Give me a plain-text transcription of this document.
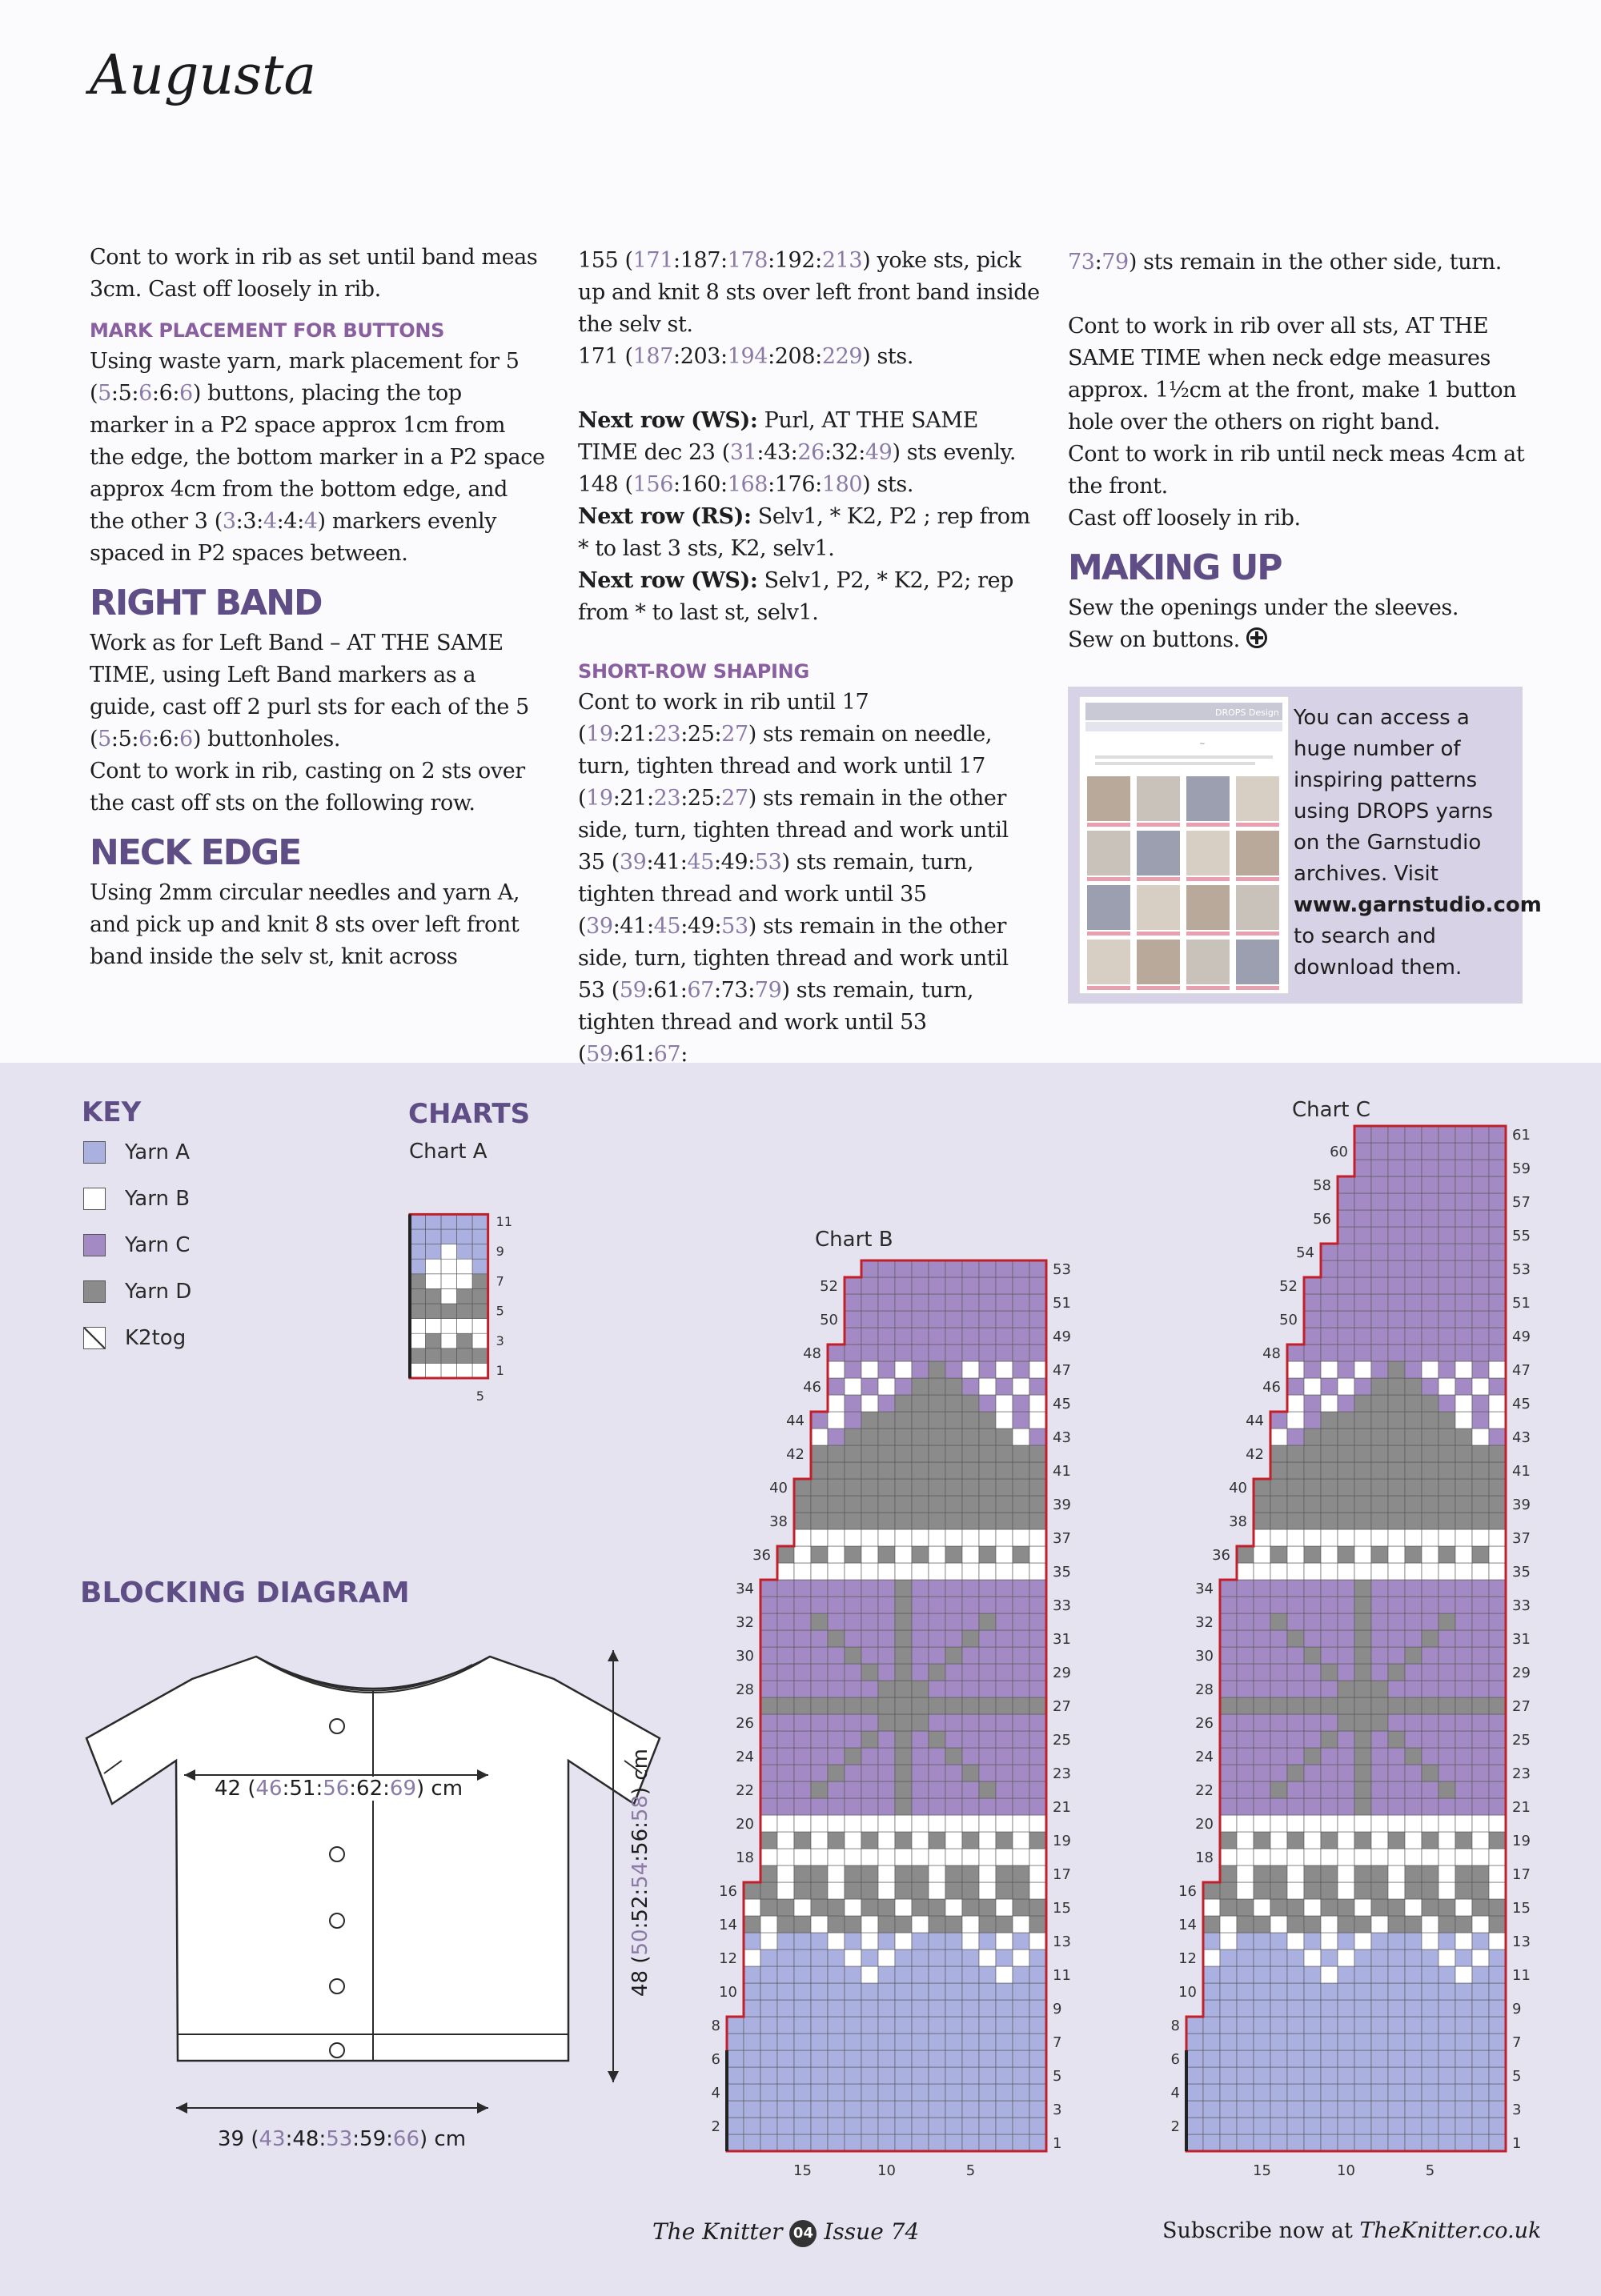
Augusta

Cont to work in rib as set until band meas 3cm. Cast off loosely in rib.

MARK PLACEMENT FOR BUTTONS

Using waste yarn, mark placement for 5 (5:5:6:6:6) buttons, placing the top marker in a P2 space approx 1cm from the edge, the bottom marker in a P2 space approx 4cm from the bottom edge, and the other 3 (3:3:4:4:4) markers evenly spaced in P2 spaces between.

RIGHT BAND

Work as for Left Band – AT THE SAME TIME, using Left Band markers as a guide, cast off 2 purl sts for each of the 5 (5:5:6:6:6) buttonholes.

Cont to work in rib, casting on 2 sts over the cast off sts on the following row.

NECK EDGE

Using 2mm circular needles and yarn A, and pick up and knit 8 sts over left front band inside the selv st, knit across

155 (171:187:178:192:213) yoke sts, pick up and knit 8 sts over left front band inside the selv st.

171 (187:203:194:208:229) sts.

Next row (WS): Purl, AT THE SAME TIME dec 23 (31:43:26:32:49) sts evenly.

148 (156:160:168:176:180) sts.

Next row (RS): Selv1, * K2, P2 ; rep from * to last 3 sts, K2, selv1.

Next row (WS): Selv1, P2, * K2, P2; rep from * to last st, selv1.

SHORT-ROW SHAPING

Cont to work in rib until 17 (19:21:23:25:27) sts remain on needle, turn, tighten thread and work until 17 (19:21:23:25:27) sts remain in the other side, turn, tighten thread and work until 35 (39:41:45:49:53) sts remain, turn, tighten thread and work until 35 (39:41:45:49:53) sts remain in the other side, turn, tighten thread and work until 53 (59:61:67:73:79) sts remain, turn, tighten thread and work until 53 (59:61:67:

73:79) sts remain in the other side, turn.

Cont to work in rib over all sts, AT THE SAME TIME when neck edge measures approx. 1½cm at the front, make 1 button hole over the others on right band.

Cont to work in rib until neck meas 4cm at the front.

Cast off loosely in rib.

MAKING UP

Sew the openings under the sleeves.

Sew on buttons.

DROPS Design
~
You can access a huge number of inspiring patterns using DROPS yarns on the Garnstudio archives. Visit www.garnstudio.com to search and download them.
KEY
Yarn A
Yarn B
Yarn C
Yarn D
K2tog
CHARTS
Chart A
Chart B
Chart C
1
3
5
7
9
11
5
1
2
3
4
5
6
7
8
9
10
11
12
13
14
15
16
17
18
19
20
21
22
23
24
25
26
27
28
29
30
31
32
33
34
35
36
37
38
39
40
41
42
43
44
45
46
47
48
49
50
51
52
53
15	10	5
1
2
3
4
5
6
7
8
9
10
11
12
13
14
15
16
17
18
19
20
21
22
23
24
25
26
27
28
29
30
31
32
33
34
35
36
37
38
39
40
41
42
43
44
45
46
47
48
49
50
51
52
53
54
55
56
57
58
59
60
61
15	10	5
BLOCKING DIAGRAM
42 (46:51:56:62:69) cm
39 (43:48:53:59:66) cm
48 (50:52:54:56:58) cm
The Knitter 04 Issue 74	Subscribe now at TheKnitter.co.uk
